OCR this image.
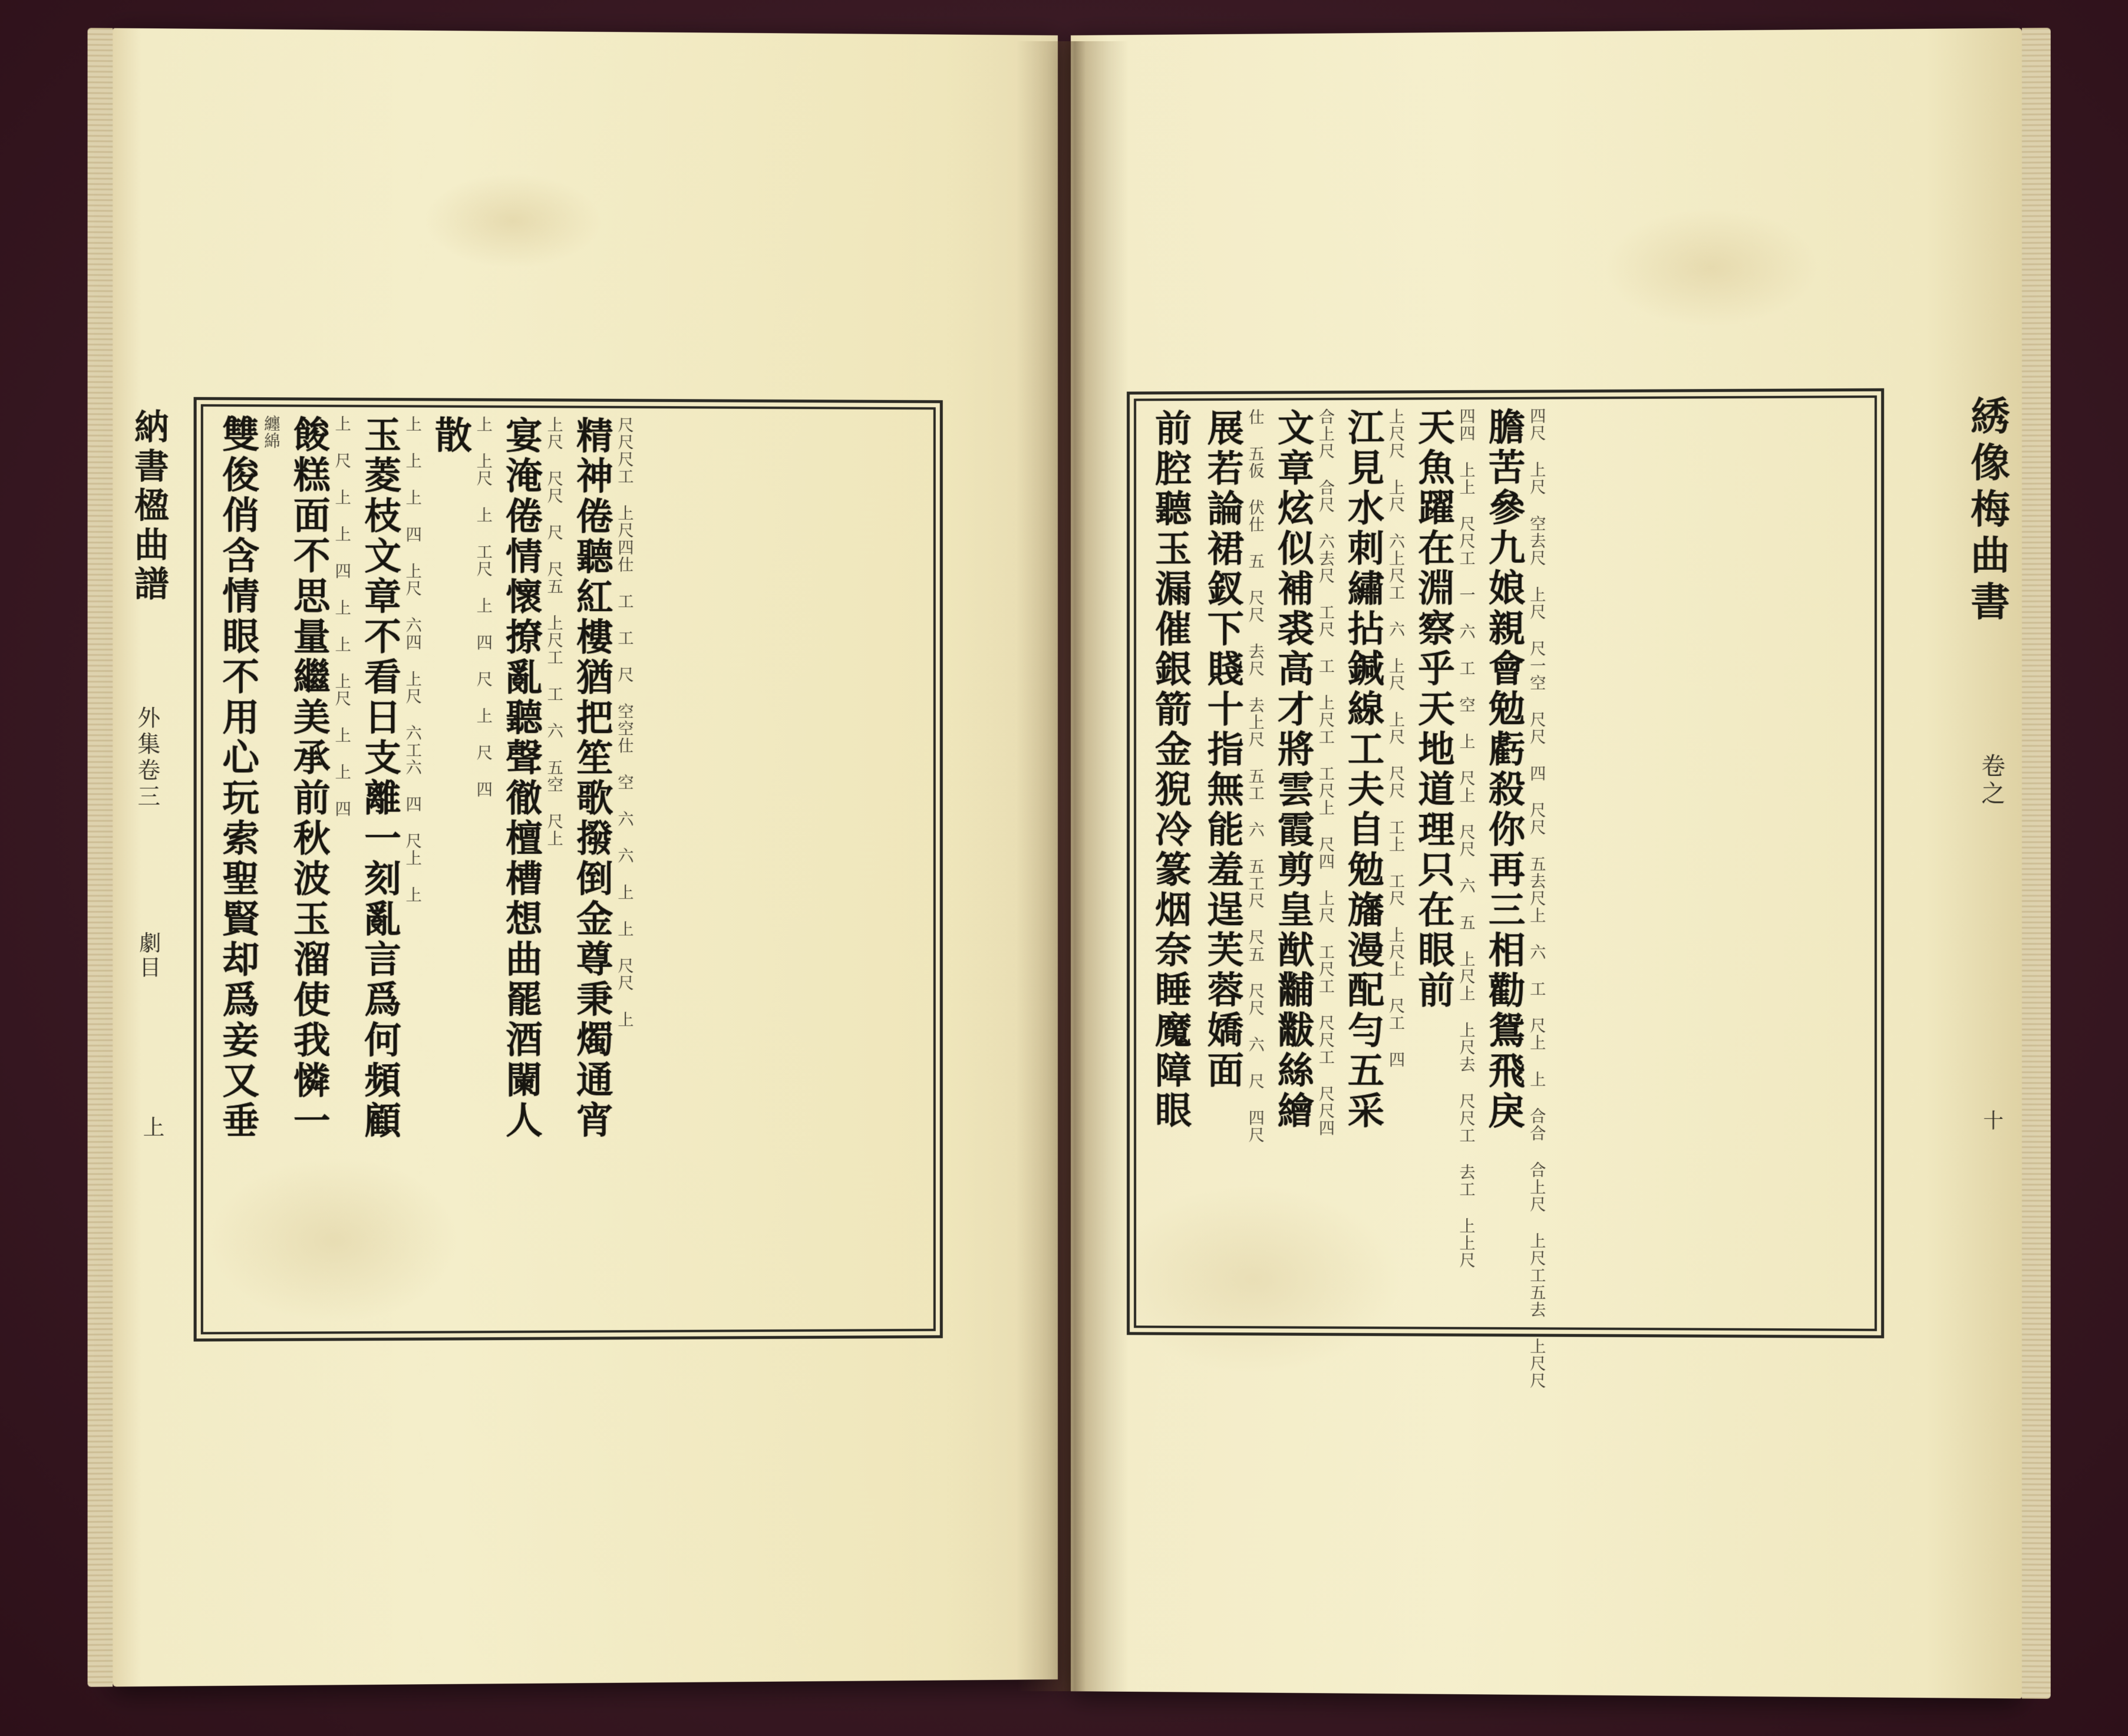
納書楹曲譜
外集卷三
劇目
上	精神倦聽紅樓猶把笙歌撥倒金尊秉燭通宵 尺尺尺工 上尺四仕 工 工 尺 空空仕 空 六 六 上 上 尺尺 上
宴淹倦情懷撩亂聽聲徹檀槽想曲罷酒闌人 上尺 尺尺 尺 尺五 上尺工 工 六 五空 尺上
散 上 上尺 上 工尺 上 四 尺 上 尺 四
玉菱枝文章不看日支離一刻亂言爲何頻顧 上 上 上 四 上尺 六四 上尺 六工六 四 尺上 上
餕糕面不思量繼美承前秋波玉溜使我憐一 上 尺 上 上 四 上 上 上尺 上 上 四
雙俊俏含情眼不用心玩索聖賢却爲妾又垂 纏綿	綉像梅曲書
卷之
十
膽苦參九娘親會勉虧殺你再三相勸鴛飛戾 四尺 上尺 空去尺 上尺 尺一空 尺尺 四 尺尺 五去尺上 六 工 尺上 上 合合 合上尺 上尺工五去 上尺尺
天魚躍在淵察乎天地道理只在眼前 四四 上上 尺尺工 一 六 工 空 上 尺上 尺尺 六 五 上尺上 上尺去 尺尺工 去工 上上尺
江見水刺繡拈鍼線工夫自勉旛漫配勻五采 上尺尺 上尺 六上尺工 六 上尺 上尺 尺尺 工上 工尺 上尺上 尺工 四
文章炫似補裘高才將雲霞剪皇猷黼黻絲繪 合上尺 合尺 六去尺 工尺 工 上尺工 工尺上 尺四 上尺 工尺工 尺尺工 尺尺四
展若論裙釵下賤十指無能羞逞芙蓉嬌面 仕 五仮 伏仕 五 尺尺 去尺 去上尺 五工 六 五工尺 尺五 尺尺 六 尺 四尺
前腔聽玉漏催銀箭金猊冷篆烟奈睡魔障眼
